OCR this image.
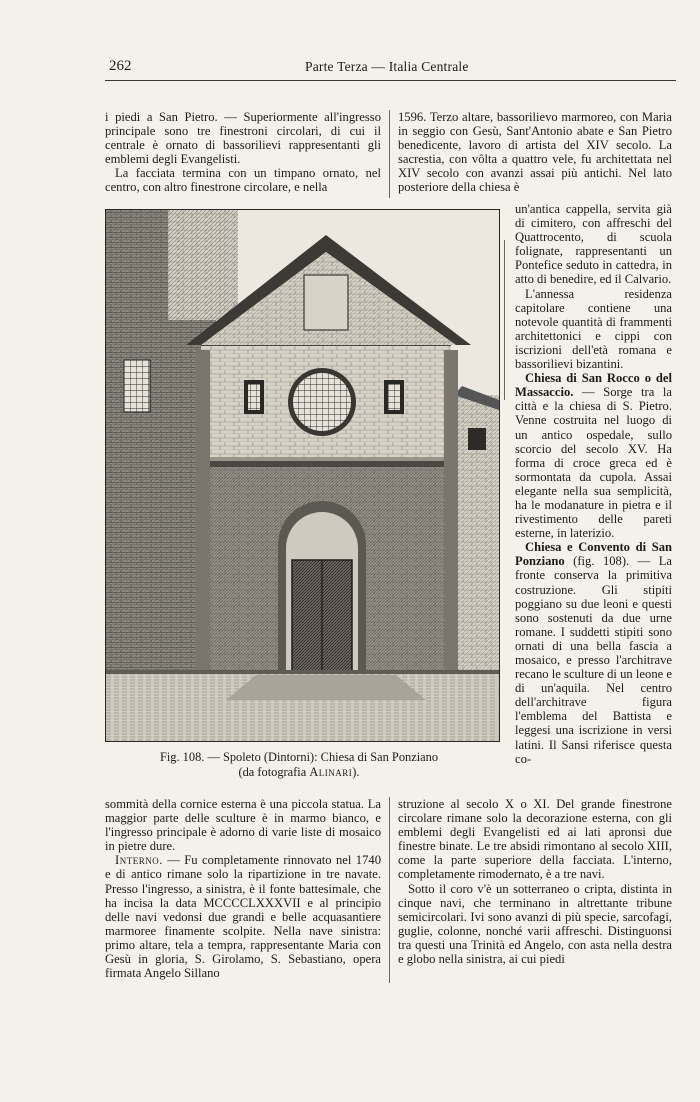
262	Parte Terza — Italia Centrale

i piedi a San Pietro. — Superiormente all'ingresso principale sono tre finestroni circolari, di cui il centrale è ornato di bassorilievi rappresentanti gli emblemi degli Evangelisti.

La facciata termina con un timpano ornato, nel centro, con altro finestrone circolare, e nella

1596. Terzo altare, bassorilievo marmoreo, con Maria in seggio con Gesù, Sant'Antonio abate e San Pietro benedicente, lavoro di artista del XIV secolo. La sacrestia, con vôlta a quattro vele, fu architettata nel XIV secolo con avanzi assai più antichi. Nel lato posteriore della chiesa è

un'antica cappella, servita già di cimitero, con affreschi del Quattrocento, di scuola folignate, rappresentanti un Pontefice seduto in cattedra, in atto di benedire, ed il Calvario.

L'annessa residenza capitolare contiene una notevole quantità di frammenti architettonici e cippi con iscrizioni dell'età romana e bassorilievi bizantini.

Chiesa di San Rocco o del Massaccio. — Sorge tra la città e la chiesa di S. Pietro. Venne costruita nel luogo di un antico ospedale, sullo scorcio del secolo XV. Ha forma di croce greca ed è sormontata da cupola. Assai elegante nella sua semplicità, ha le modanature in pietra e il rivestimento delle pareti esterne, in laterizio.

Chiesa e Convento di San Ponziano (fig. 108). — La fronte conserva la primitiva costruzione. Gli stipiti poggiano su due leoni e questi sono sostenuti da due urne romane. I suddetti stipiti sono ornati di una bella fascia a mosaico, e presso l'architrave recano le sculture di un leone e di un'aquila. Nel centro dell'architrave figura l'emblema del Battista e leggesi una iscrizione in versi latini. Il Sansi riferisce questa co-

Fig. 108. — Spoleto (Dintorni): Chiesa di San Ponziano
(da fotografia Alinari).

sommità della cornice esterna è una piccola statua. La maggior parte delle sculture è in marmo bianco, e l'ingresso principale è adorno di varie liste di mosaico in pietre dure.

Interno. — Fu completamente rinnovato nel 1740 e di antico rimane solo la ripartizione in tre navate. Presso l'ingresso, a sinistra, è il fonte battesimale, che ha incisa la data MCCCCLXXXVII e al principio delle navi vedonsi due grandi e belle acquasantiere marmoree finamente scolpite. Nella nave sinistra: primo altare, tela a tempra, rappresentante Maria con Gesù in gloria, S. Girolamo, S. Sebastiano, opera firmata Angelo Sillano

struzione al secolo X o XI. Del grande finestrone circolare rimane solo la decorazione esterna, con gli emblemi degli Evangelisti ed ai lati apronsi due finestre binate. Le tre absidi rimontano al secolo XIII, come la parte superiore della facciata. L'interno, completamente rimodernato, è a tre navi.

Sotto il coro v'è un sotterraneo o cripta, distinta in cinque navi, che terminano in altrettante tribune semicircolari. Ivi sono avanzi di più specie, sarcofagi, guglie, colonne, nonché varii affreschi. Distinguonsi tra questi una Trinità ed Angelo, con asta nella destra e globo nella sinistra, ai cui piedi
